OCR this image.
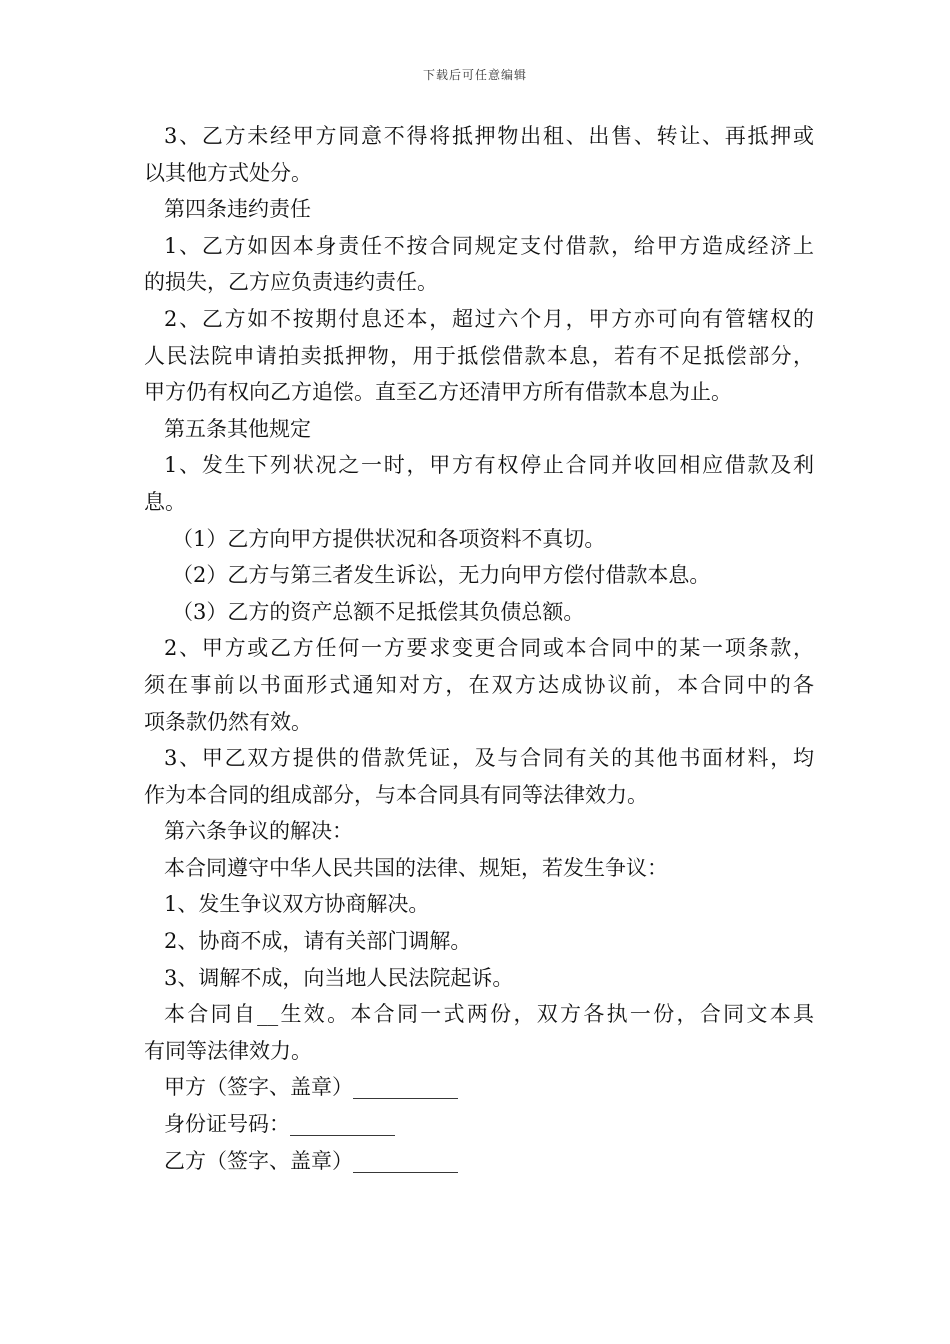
下载后可任意编辑
3、乙方未经甲方同意不得将抵押物出租、出售、转让、再抵押或
以其他方式处分。
第四条违约责任
1、乙方如因本身责任不按合同规定支付借款，给甲方造成经济上
的损失，乙方应负责违约责任。
2、乙方如不按期付息还本，超过六个月，甲方亦可向有管辖权的
人民法院申请拍卖抵押物，用于抵偿借款本息，若有不足抵偿部分，
甲方仍有权向乙方追偿。直至乙方还清甲方所有借款本息为止。
第五条其他规定
1、发生下列状况之一时，甲方有权停止合同并收回相应借款及利
息。
（1）乙方向甲方提供状况和各项资料不真切。
（2）乙方与第三者发生诉讼，无力向甲方偿付借款本息。
（3）乙方的资产总额不足抵偿其负债总额。
2、甲方或乙方任何一方要求变更合同或本合同中的某一项条款，
须在事前以书面形式通知对方，在双方达成协议前，本合同中的各
项条款仍然有效。
3、甲乙双方提供的借款凭证，及与合同有关的其他书面材料，均
作为本合同的组成部分，与本合同具有同等法律效力。
第六条争议的解决：
本合同遵守中华人民共国的法律、规矩，若发生争议：
1、发生争议双方协商解决。
2、协商不成，请有关部门调解。
3、调解不成，向当地人民法院起诉。
本合同自__生效。本合同一式两份，双方各执一份，合同文本具
有同等法律效力。
甲方（签字、盖章）__________
身份证号码：__________
乙方（签字、盖章）__________
